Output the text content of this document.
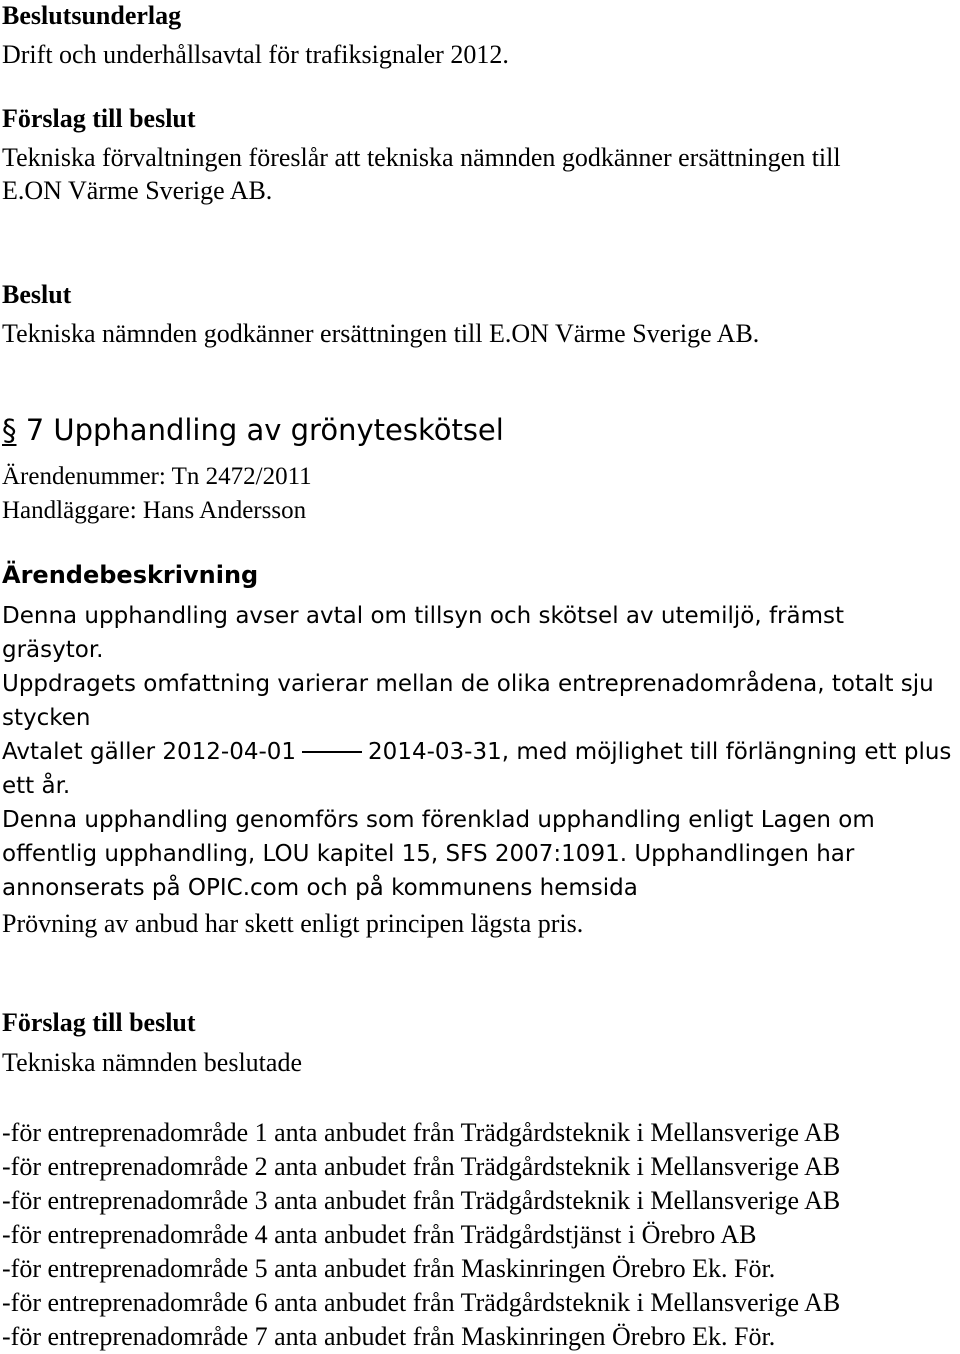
Beslutsunderlag
Drift och underhållsavtal för trafiksignaler 2012.
Förslag till beslut
Tekniska förvaltningen föreslår att tekniska nämnden godkänner ersättningen till
E.ON Värme Sverige AB.
Beslut
Tekniska nämnden godkänner ersättningen till E.ON Värme Sverige AB.
§ 7 Upphandling av grönyteskötsel
Ärendenummer: Tn 2472/2011
Handläggare: Hans Andersson
Ärendebeskrivning
Denna upphandling avser avtal om tillsyn och skötsel av utemiljö, främst
gräsytor.
Uppdragets omfattning varierar mellan de olika entreprenadområdena, totalt sju
stycken
Avtalet gäller 2012-04-01	2014-03-31, med möjlighet till förlängning ett plus
ett år.
Denna upphandling genomförs som förenklad upphandling enligt Lagen om
offentlig upphandling, LOU kapitel 15, SFS 2007:1091. Upphandlingen har
annonserats på OPIC.com och på kommunens hemsida
Prövning av anbud har skett enligt principen lägsta pris.
Förslag till beslut
Tekniska nämnden beslutade
-för entreprenadområde 1 anta anbudet från Trädgårdsteknik i Mellansverige AB
-för entreprenadområde 2 anta anbudet från Trädgårdsteknik i Mellansverige AB
-för entreprenadområde 3 anta anbudet från Trädgårdsteknik i Mellansverige AB
-för entreprenadområde 4 anta anbudet från Trädgårdstjänst i Örebro AB
-för entreprenadområde 5 anta anbudet från Maskinringen Örebro Ek. För.
-för entreprenadområde 6 anta anbudet från Trädgårdsteknik i Mellansverige AB
-för entreprenadområde 7 anta anbudet från Maskinringen Örebro Ek. För.
